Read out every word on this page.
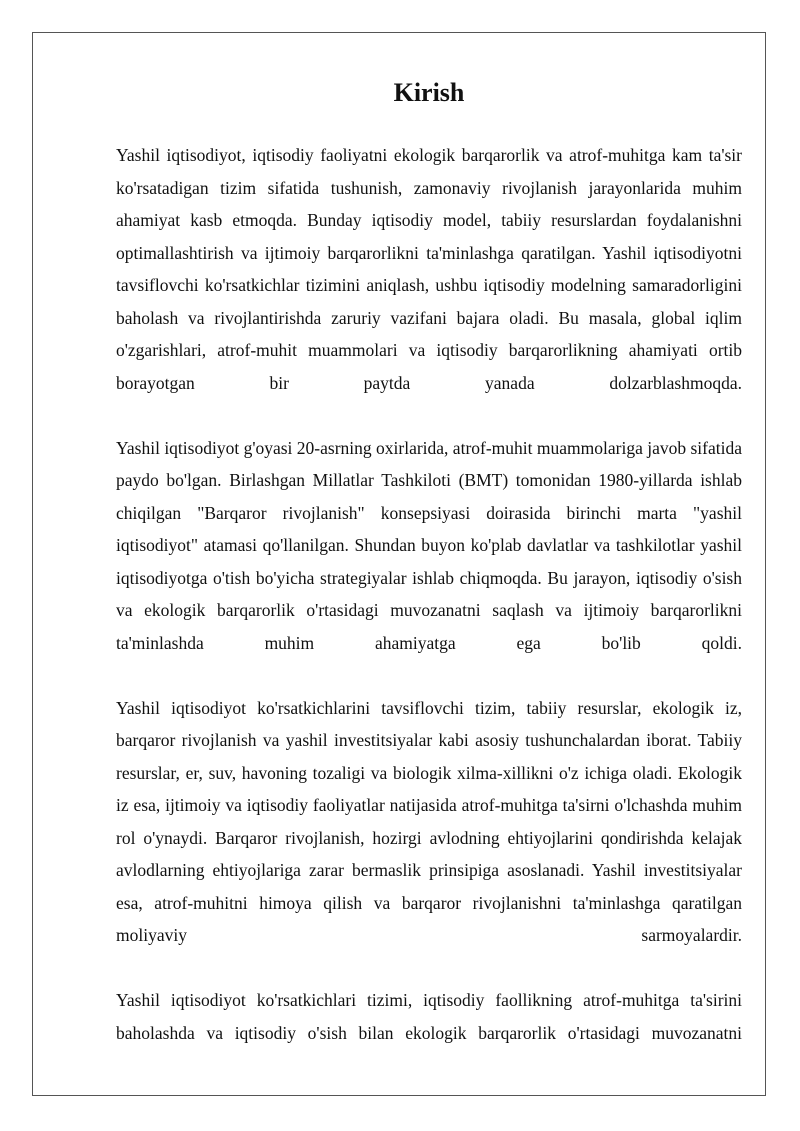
Kirish

Yashil iqtisodiyot, iqtisodiy faoliyatni ekologik barqarorlik va atrof-muhitga kam ta'sir ko'rsatadigan tizim sifatida tushunish, zamonaviy rivojlanish jarayonlarida muhim ahamiyat kasb etmoqda. Bunday iqtisodiy model, tabiiy resurslardan foydalanishni optimallashtirish va ijtimoiy barqarorlikni ta'minlashga qaratilgan. Yashil iqtisodiyotni tavsiflovchi ko'rsatkichlar tizimini aniqlash, ushbu iqtisodiy modelning samaradorligini baholash va rivojlantirishda zaruriy vazifani bajara oladi. Bu masala, global iqlim o'zgarishlari, atrof-muhit muammolari va iqtisodiy barqarorlikning ahamiyati ortib borayotgan bir paytda yanada dolzarblashmoqda.

Yashil iqtisodiyot g'oyasi 20-asrning oxirlarida, atrof-muhit muammolariga javob sifatida paydo bo'lgan. Birlashgan Millatlar Tashkiloti (BMT) tomonidan 1980-yillarda ishlab chiqilgan "Barqaror rivojlanish" konsepsiyasi doirasida birinchi marta "yashil iqtisodiyot" atamasi qo'llanilgan. Shundan buyon ko'plab davlatlar va tashkilotlar yashil iqtisodiyotga o'tish bo'yicha strategiyalar ishlab chiqmoqda. Bu jarayon, iqtisodiy o'sish va ekologik barqarorlik o'rtasidagi muvozanatni saqlash va ijtimoiy barqarorlikni ta'minlashda muhim ahamiyatga ega bo'lib qoldi.

Yashil iqtisodiyot ko'rsatkichlarini tavsiflovchi tizim, tabiiy resurslar, ekologik iz, barqaror rivojlanish va yashil investitsiyalar kabi asosiy tushunchalardan iborat. Tabiiy resurslar, er, suv, havoning tozaligi va biologik xilma-xillikni o'z ichiga oladi. Ekologik iz esa, ijtimoiy va iqtisodiy faoliyatlar natijasida atrof-muhitga ta'sirni o'lchashda muhim rol o'ynaydi. Barqaror rivojlanish, hozirgi avlodning ehtiyojlarini qondirishda kelajak avlodlarning ehtiyojlariga zarar bermaslik prinsipiga asoslanadi. Yashil investitsiyalar esa, atrof-muhitni himoya qilish va barqaror rivojlanishni ta'minlashga qaratilgan moliyaviy sarmoyalardir.

Yashil iqtisodiyot ko'rsatkichlari tizimi, iqtisodiy faollikning atrof-muhitga ta'sirini baholashda va iqtisodiy o'sish bilan ekologik barqarorlik o'rtasidagi muvozanatni
